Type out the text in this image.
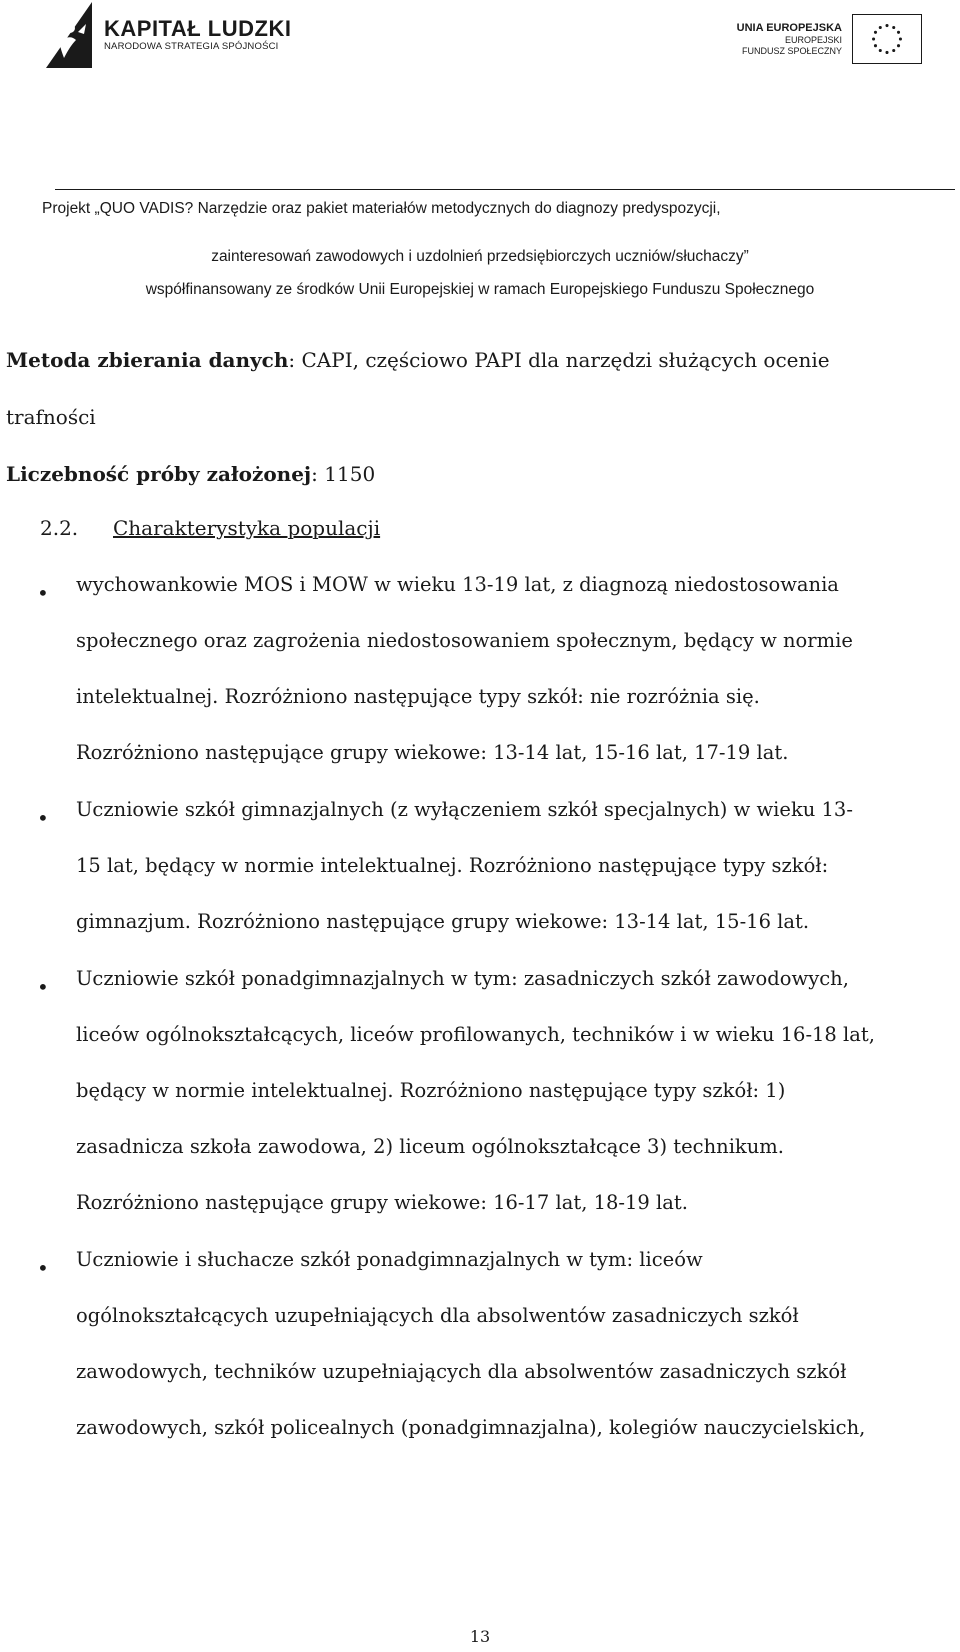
KAPITAŁ LUDZKI
NARODOWA STRATEGIA SPÓJNOŚCI
UNIA EUROPEJSKA
EUROPEJSKI
FUNDUSZ SPOŁECZNY
Projekt „QUO VADIS? Narzędzie oraz pakiet materiałów metodycznych do diagnozy predyspozycji,
zainteresowań zawodowych i uzdolnień przedsiębiorczych uczniów/słuchaczy”
współfinansowany ze środków Unii Europejskiej w ramach Europejskiego Funduszu Społecznego
Metoda zbierania danych: CAPI, częściowo PAPI dla narzędzi służących ocenie
trafności
Liczebność próby założonej: 1150
2.2. Charakterystyka populacji
• wychowankowie MOS i MOW w wieku 13-19 lat, z diagnozą niedostosowania
społecznego oraz zagrożenia niedostosowaniem społecznym, będący w normie
intelektualnej. Rozróżniono następujące typy szkół: nie rozróżnia się.
Rozróżniono następujące grupy wiekowe: 13-14 lat, 15-16 lat, 17-19 lat.
• Uczniowie szkół gimnazjalnych (z wyłączeniem szkół specjalnych) w wieku 13-
15 lat, będący w normie intelektualnej. Rozróżniono następujące typy szkół:
gimnazjum. Rozróżniono następujące grupy wiekowe: 13-14 lat, 15-16 lat.
• Uczniowie szkół ponadgimnazjalnych w tym: zasadniczych szkół zawodowych,
liceów ogólnokształcących, liceów profilowanych, techników i w wieku 16-18 lat,
będący w normie intelektualnej. Rozróżniono następujące typy szkół: 1)
zasadnicza szkoła zawodowa, 2) liceum ogólnokształcące 3) technikum.
Rozróżniono następujące grupy wiekowe: 16-17 lat, 18-19 lat.
• Uczniowie i słuchacze szkół ponadgimnazjalnych w tym: liceów
ogólnokształcących uzupełniających dla absolwentów zasadniczych szkół
zawodowych, techników uzupełniających dla absolwentów zasadniczych szkół
zawodowych, szkół policealnych (ponadgimnazjalna), kolegiów nauczycielskich,
13
